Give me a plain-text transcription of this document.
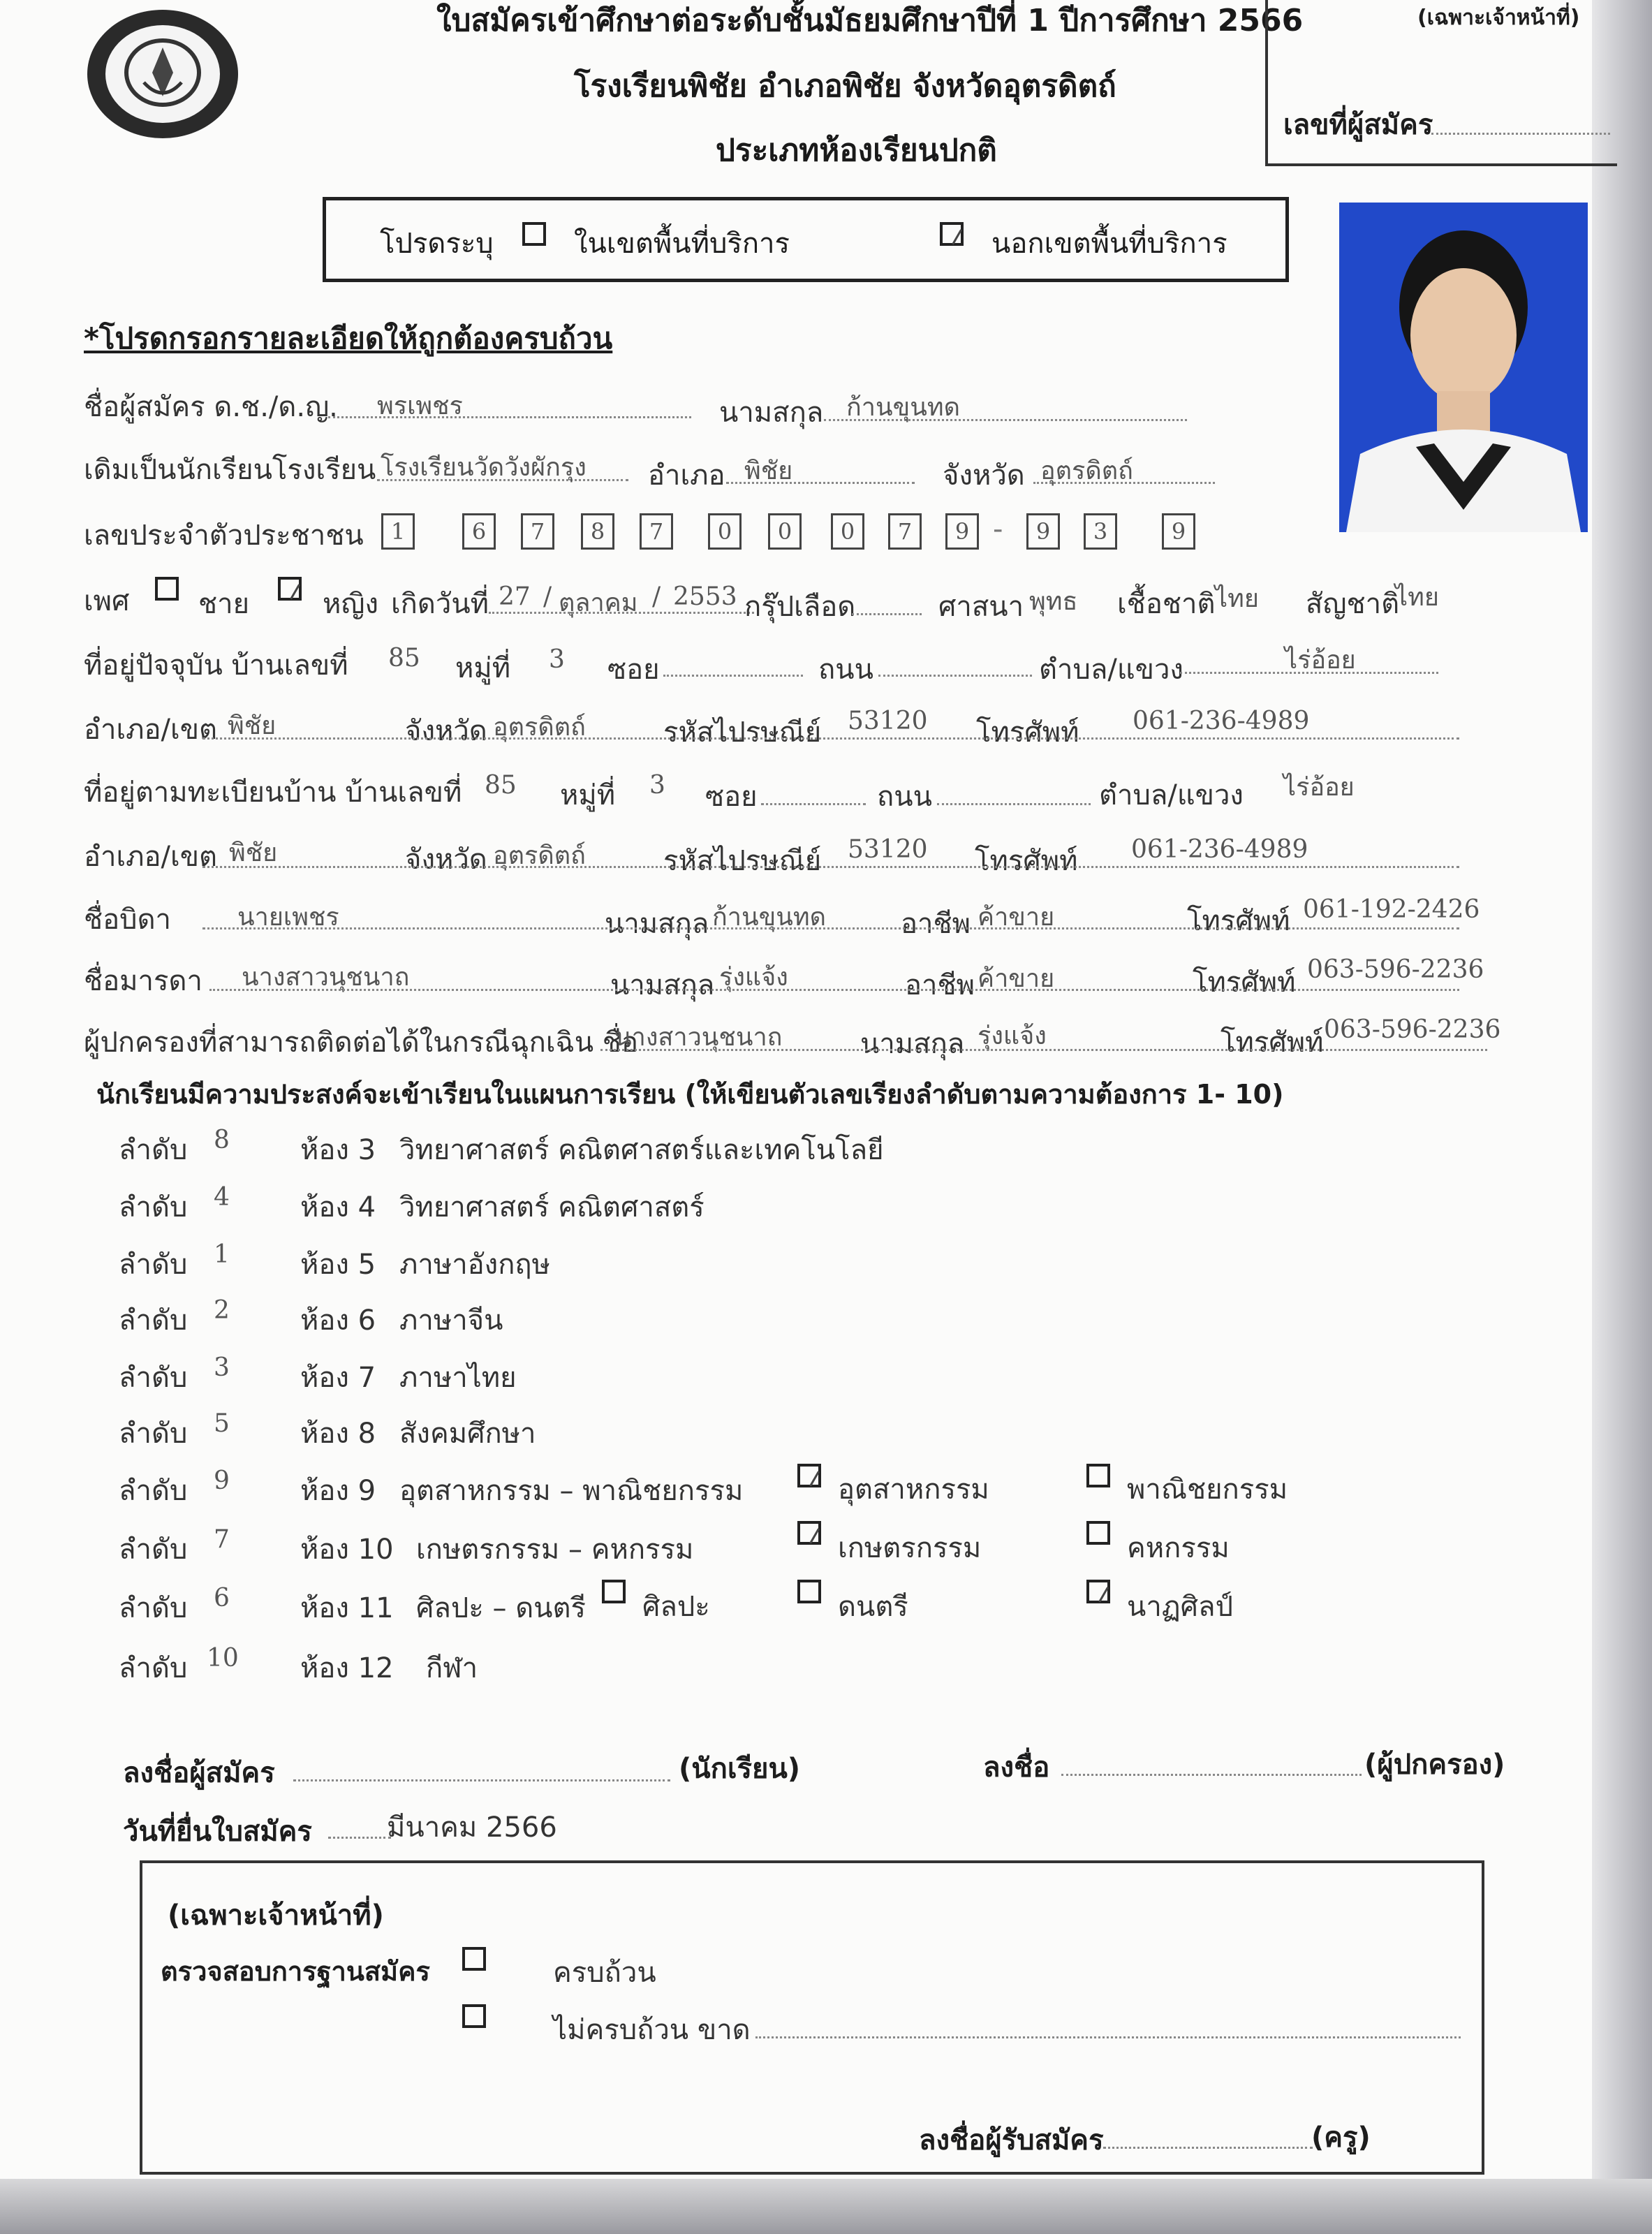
ใบสมัครเข้าศึกษาต่อระดับชั้นมัธยมศึกษาปีที่ 1 ปีการศึกษา 2566
โรงเรียนพิชัย อำเภอพิชัย จังหวัดอุตรดิตถ์
ประเภทห้องเรียนปกติ
(เฉพาะเจ้าหน้าที่)
เลขที่ผู้สมัคร
โปรดระบุ	ในเขตพื้นที่บริการ	นอกเขตพื้นที่บริการ
*โปรดกรอกรายละเอียดให้ถูกต้องครบถ้วน
ชื่อผู้สมัคร ด.ช./ด.ญ. พรเพชร	นามสกุล ก้านขุนทด
เดิมเป็นนักเรียนโรงเรียน โรงเรียนวัดวังผักรุง อำเภอ พิชัย	จังหวัด อุตรดิตถ์
เลขประจำตัวประชาชน	1	6	7	8	7	0	0	0	7	9 -	9	3	9
เพศ ชาย	หญิง เกิดวันที่ 27 / ตุลาคม / 2553 กรุ๊ปเลือด	ศาสนา พุทธ เชื้อชาติ ไทย สัญชาติ
ไทย
ที่อยู่ปัจจุบัน บ้านเลขที่ 85 หมู่ที่ 3 ซอย	ถนน	ตำบล/แขวง	ไร่อ้อย
อำเภอ/เขต พิชัย	จังหวัด อุตรดิตถ์	รหัสไปรษณีย์ 53120 โทรศัพท์ 061-236-4989
ที่อยู่ตามทะเบียนบ้าน บ้านเลขที่ 85 หมู่ที่ 3 ซอย	ถนน	ตำบล/แขวง ไร่อ้อย
อำเภอ/เขต พิชัย	จังหวัด อุตรดิตถ์	รหัสไปรษณีย์ 53120 โทรศัพท์ 061-236-4989
ชื่อบิดา	นายเพชร	นามสกุล ก้านขุนทด	อาชีพ ค้าขาย	โทรศัพท์ 061-192-2426
ชื่อมารดา นางสาวนุชนาถ	นามสกุล รุ่งแจ้ง	อาชีพ ค้าขาย	โทรศัพท์ 063-596-2236
ผู้ปกครองที่สามารถติดต่อได้ในกรณีฉุกเฉิน ชื่อ
นางสาวนุชนาถ	นามสกุล รุ่งแจ้ง	โทรศัพท์ 063-596-2236
นักเรียนมีความประสงค์จะเข้าเรียนในแผนการเรียน (ให้เขียนตัวเลขเรียงลำดับตามความต้องการ 1- 10)
ลำดับ 8	ห้อง 3 วิทยาศาสตร์ คณิตศาสตร์และเทคโนโลยี
ลำดับ 4	ห้อง 4 วิทยาศาสตร์ คณิตศาสตร์
ลำดับ 1	ห้อง 5 ภาษาอังกฤษ
ลำดับ 2	ห้อง 6 ภาษาจีน
ลำดับ 3	ห้อง 7 ภาษาไทย
ลำดับ 5	ห้อง 8 สังคมศึกษา
ลำดับ 9	ห้อง 9 อุตสาหกรรม – พาณิชยกรรม	อุตสาหกรรม	พาณิชยกรรม
ลำดับ 7	ห้อง 10 เกษตรกรรม – คหกรรม	เกษตรกรรม	คหกรรม
ลำดับ 6	ห้อง 11 ศิลปะ – ดนตรี ศิลปะ	ดนตรี	นาฏศิลป์
ลำดับ 10 ห้อง 12 กีฬา
ลงชื่อผู้สมัคร	(นักเรียน)	ลงชื่อ	(ผู้ปกครอง)
วันที่ยื่นใบสมัคร	มีนาคม 2566
(เฉพาะเจ้าหน้าที่)
ตรวจสอบการฐานสมัคร	ครบถ้วน
ไม่ครบถ้วน ขาด
ลงชื่อผู้รับสมัคร	(ครู)
